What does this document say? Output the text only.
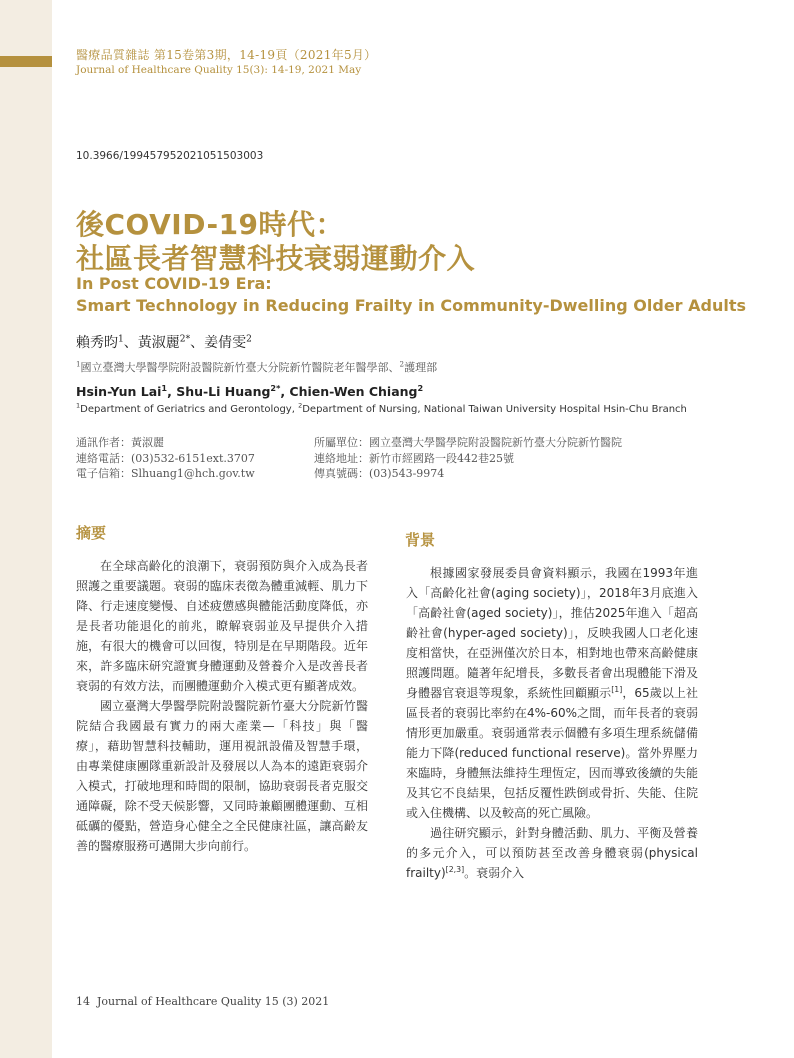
醫療品質雜誌 第15卷第3期，14-19頁（2021年5月）
Journal of Healthcare Quality 15(3): 14-19, 2021 May
10.3966/199457952021051503003
後COVID-19時代：
社區長者智慧科技衰弱運動介入
In Post COVID-19 Era:
Smart Technology in Reducing Frailty in Community-Dwelling Older Adults
賴秀昀$^1$、黃淑麗$^{2*}$、姜倩雯$^2$
$^1$國立臺灣大學醫學院附設醫院新竹臺大分院新竹醫院老年醫學部、$^2$護理部
Hsin-Yun Lai$^1$, Shu-Li Huang$^{2*}$, Chien-Wen Chiang$^2$
$^1$Department of Geriatrics and Gerontology, $^2$Department of Nursing, National Taiwan University Hospital Hsin-Chu Branch
通訊作者：黃淑麗
連絡電話：(03)532-6151ext.3707
電子信箱：Slhuang1@hch.gov.tw
所屬單位：國立臺灣大學醫學院附設醫院新竹臺大分院新竹醫院
連絡地址：新竹市經國路一段442巷25號
傳真號碼：(03)543-9974
摘要

在全球高齡化的浪潮下，衰弱預防與介入成為長者照護之重要議題。衰弱的臨床表徵為體重減輕、肌力下降、行走速度變慢、自述疲憊感與體能活動度降低，亦是長者功能退化的前兆，瞭解衰弱並及早提供介入措施，有很大的機會可以回復，特別是在早期階段。近年來，許多臨床研究證實身體運動及營養介入是改善長者衰弱的有效方法，而團體運動介入模式更有顯著成效。

國立臺灣大學醫學院附設醫院新竹臺大分院新竹醫院結合我國最有實力的兩大產業—「科技」與「醫療」，藉助智慧科技輔助，運用視訊設備及智慧手環，由專業健康團隊重新設計及發展以人為本的遠距衰弱介入模式，打破地理和時間的限制，協助衰弱長者克服交通障礙，除不受天候影響，又同時兼顧團體運動、互相砥礪的優點，營造身心健全之全民健康社區，讓高齡友善的醫療服務可邁開大步向前行。

背景

根據國家發展委員會資料顯示，我國在1993年進入「高齡化社會(aging society)」，2018年3月底進入「高齡社會(aged society)」，推估2025年進入「超高齡社會(hyper-aged society)」，反映我國人口老化速度相當快，在亞洲僅次於日本，相對地也帶來高齡健康照護問題。隨著年紀增長，多數長者會出現體能下滑及身體器官衰退等現象，系統性回顧顯示[1]，65歲以上社區長者的衰弱比率約在4%-60%之間，而年長者的衰弱情形更加嚴重。衰弱通常表示個體有多項生理系統儲備能力下降(reduced functional reserve)。當外界壓力來臨時，身體無法維持生理恆定，因而導致後續的失能及其它不良結果，包括反覆性跌倒或骨折、失能、住院或入住機構、以及較高的死亡風險。

過往研究顯示，針對身體活動、肌力、平衡及營養的多元介入，可以預防甚至改善身體衰弱(physical frailty)[2,3]。衰弱介入

14 Journal of Healthcare Quality 15 (3) 2021
